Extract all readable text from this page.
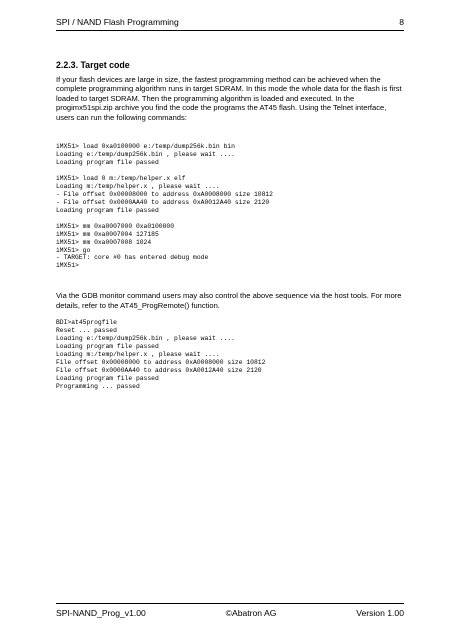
SPI / NAND Flash Programming	8
2.2.3. Target code

If your flash devices are large in size, the fastest programming method can be achieved when the complete programming algorithm runs in target SDRAM. In this mode the whole data for the flash is first loaded to target SDRAM. Then the programming algorithm is loaded and executed. In the progimx51spi.zip archive you find the code the programs the AT45 flash. Using the Telnet interface, users can run the following commands:

iMX51> load 0xa0100000 e:/temp/dump256k.bin bin
Loading e:/temp/dump256k.bin , please wait ....
Loading program file passed
iMX51> load 0 m:/temp/helper.x elf
Loading m:/temp/helper.x , please wait ....
- File offset 0x00008000 to address 0xA0008000 size 10812
- File offset 0x0000AA40 to address 0xA0012A40 size 2120
Loading program file passed
iMX51> mm 0xa0007000 0xa0100000
iMX51> mm 0xa0007004 127185
iMX51> mm 0xa0007008 1024
iMX51> go
- TARGET: core #0 has entered debug mode
iMX51>

Via the GDB monitor command users may also control the above sequence via the host tools. For more details, refer to the AT45_ProgRemote() function.

BDI>at45progfile
Reset ... passed
Loading e:/temp/dump256k.bin , please wait ....
Loading program file passed
Loading m:/temp/helper.x , please wait ....
File offset 0x00008000 to address 0xA0008000 size 10812
File offset 0x0000AA40 to address 0xA0012A40 size 2120
Loading program file passed
Programming ... passed
SPI-NAND_Prog_v1.00	©Abatron AG	Version 1.00
